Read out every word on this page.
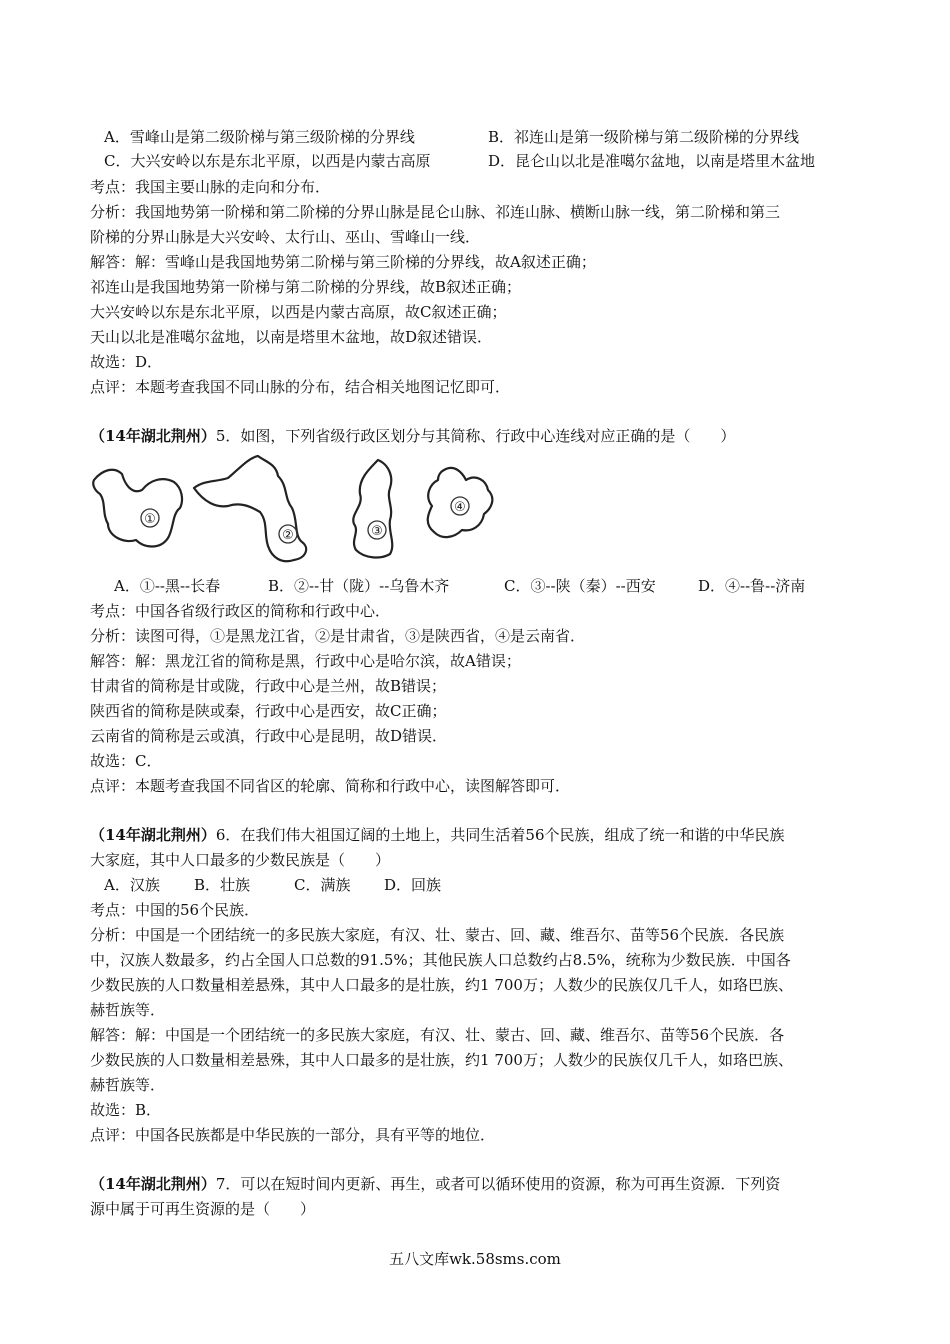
A．雪峰山是第二级阶梯与第三级阶梯的分界线	B．祁连山是第一级阶梯与第二级阶梯的分界线
C．大兴安岭以东是东北平原，以西是内蒙古高原	D．昆仑山以北是准噶尔盆地，以南是塔里木盆地
考点：我国主要山脉的走向和分布．
分析：我国地势第一阶梯和第二阶梯的分界山脉是昆仑山脉、祁连山脉、横断山脉一线，第二阶梯和第三
阶梯的分界山脉是大兴安岭、太行山、巫山、雪峰山一线．
解答：解：雪峰山是我国地势第二阶梯与第三阶梯的分界线，故A叙述正确；
祁连山是我国地势第一阶梯与第二阶梯的分界线，故B叙述正确；
大兴安岭以东是东北平原，以西是内蒙古高原，故C叙述正确；
天山以北是准噶尔盆地，以南是塔里木盆地，故D叙述错误．
故选：D．
点评：本题考查我国不同山脉的分布，结合相关地图记忆即可．
（14年湖北荆州）5．如图，下列省级行政区划分与其简称、行政中心连线对应正确的是（　　）
①
②	③
④
A．①--黑--长春	B．②--甘（陇）--乌鲁木齐	C．③--陕（秦）--西安	D．④--鲁--济南
考点：中国各省级行政区的简称和行政中心．
分析：读图可得，①是黑龙江省，②是甘肃省，③是陕西省，④是云南省．
解答：解：黑龙江省的简称是黑，行政中心是哈尔滨，故A错误；
甘肃省的简称是甘或陇，行政中心是兰州，故B错误；
陕西省的简称是陕或秦，行政中心是西安，故C正确；
云南省的简称是云或滇，行政中心是昆明，故D错误．
故选：C．
点评：本题考查我国不同省区的轮廓、简称和行政中心，读图解答即可．
（14年湖北荆州）6．在我们伟大祖国辽阔的土地上，共同生活着56个民族，组成了统一和谐的中华民族
大家庭，其中人口最多的少数民族是（　　）
A．汉族 B．壮族	C．满族 D．回族
考点：中国的56个民族．
分析：中国是一个团结统一的多民族大家庭，有汉、壮、蒙古、回、藏、维吾尔、苗等56个民族．各民族
中，汉族人数最多，约占全国人口总数的91.5%；其他民族人口总数约占8.5%，统称为少数民族．中国各
少数民族的人口数量相差悬殊，其中人口最多的是壮族，约1 700万；人数少的民族仅几千人，如珞巴族、
赫哲族等．
解答：解：中国是一个团结统一的多民族大家庭，有汉、壮、蒙古、回、藏、维吾尔、苗等56个民族．各
少数民族的人口数量相差悬殊，其中人口最多的是壮族，约1 700万；人数少的民族仅几千人，如珞巴族、
赫哲族等．
故选：B．
点评：中国各民族都是中华民族的一部分，具有平等的地位．
（14年湖北荆州）7．可以在短时间内更新、再生，或者可以循环使用的资源，称为可再生资源．下列资
源中属于可再生资源的是（　　）
五八文库wk.58sms.com
